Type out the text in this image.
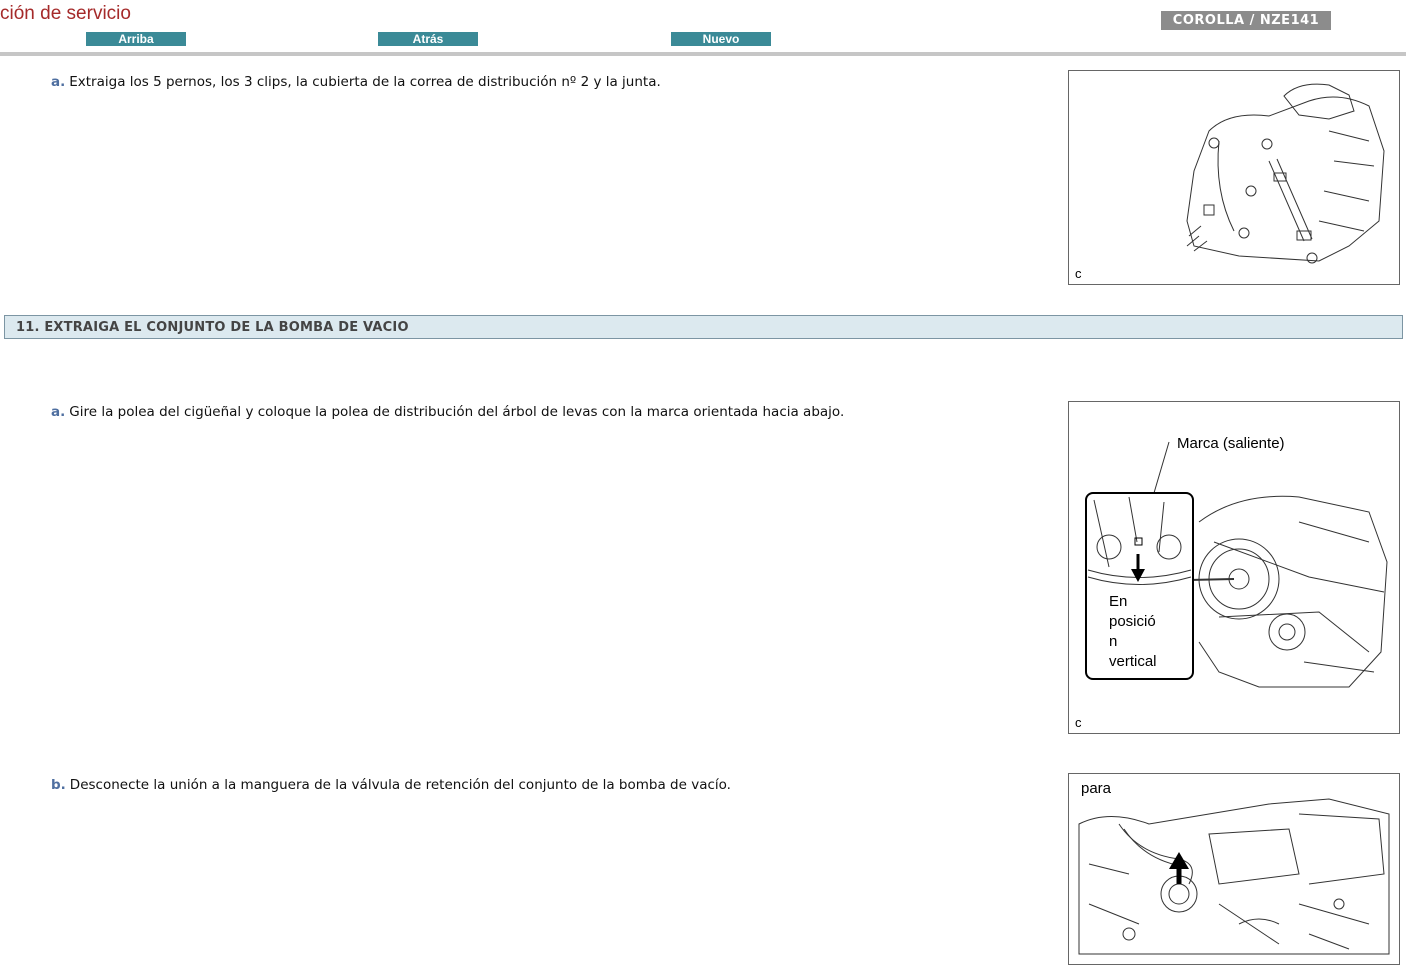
ción de servicio
Arriba	Atrás	Nuevo
COROLLA / NZE141
a. Extraiga los 5 pernos, los 3 clips, la cubierta de la correa de distribución nº 2 y la junta.
c
11. EXTRAIGA EL CONJUNTO DE LA BOMBA DE VACIO
a. Gire la polea del cigüeñal y coloque la polea de distribución del árbol de levas con la marca orientada hacia abajo.
Marca (saliente)
En
posició
n
vertical
c
b. Desconecte la unión a la manguera de la válvula de retención del conjunto de la bomba de vacío.	para
